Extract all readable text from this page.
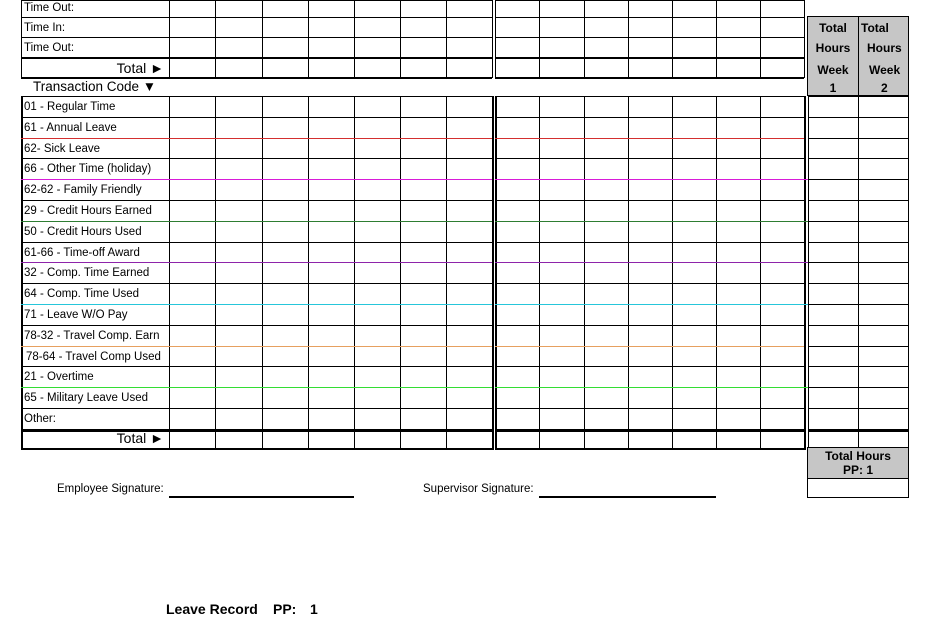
Time Out:
Time In:
Time Out:
Total ►
Transaction Code ▼
01 - Regular Time
61 - Annual Leave
62- Sick Leave
66 - Other Time (holiday)
62-62 - Family Friendly
29 - Credit Hours Earned
50 - Credit Hours Used
61-66 - Time-off Award
32 - Comp. Time Earned
64 - Comp. Time Used
71 - Leave W/O Pay
78-32 - Travel Comp. Earn
78-64 - Travel Comp Used
21 - Overtime
65 - Military Leave Used
Other:
Total ►
Total
Hours
Week
1
Total
Hours
Week
2
Total Hours
PP: 1
Employee Signature:	Supervisor Signature:
Leave Record PP: 1
